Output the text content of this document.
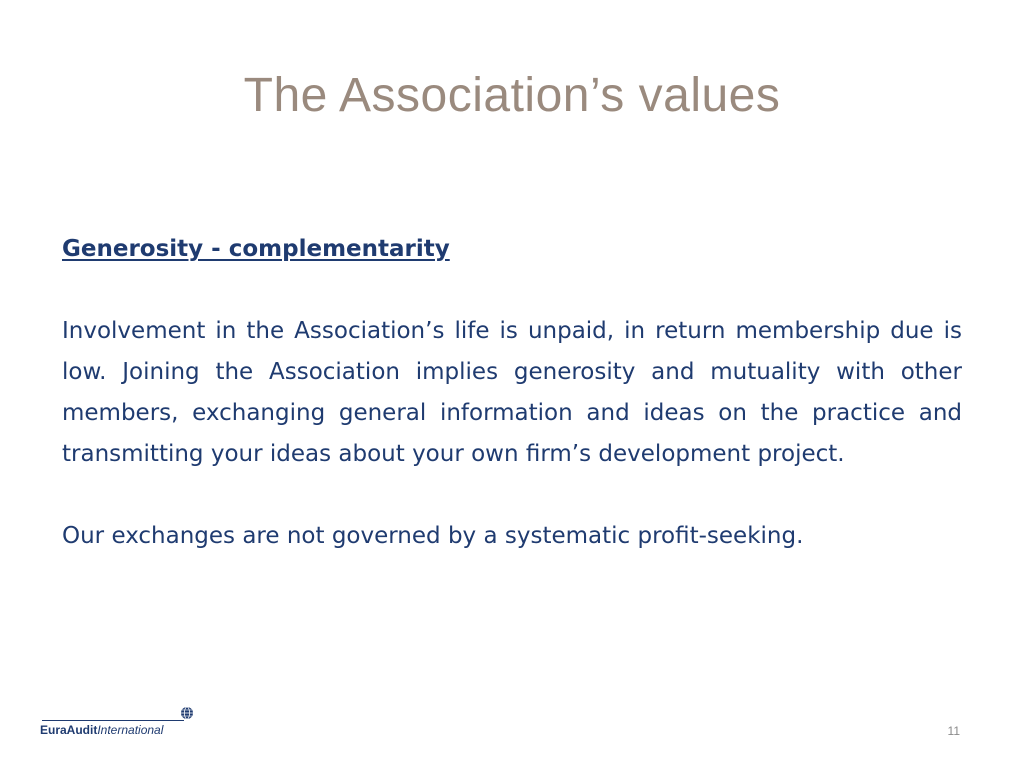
The Association’s values

Generosity - complementarity

Involvement in the Association’s life is unpaid, in return membership due is low. Joining the Association implies generosity and mutuality with other members, exchanging general information and ideas on the practice and transmitting your ideas about your own firm’s development project.

Our exchanges are not governed by a systematic profit-seeking.

EuraAuditInternational	11
